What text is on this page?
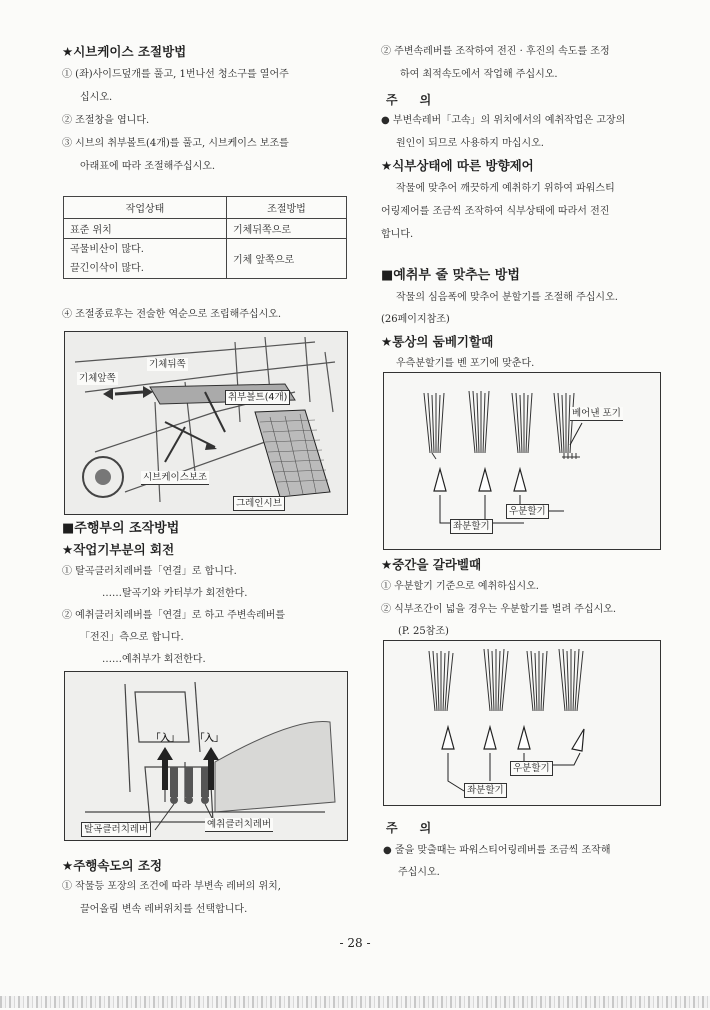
★시브케이스 조절방법
① (좌)사이드덮개를 풀고, 1번나선 청소구를 열어주
십시오.
② 조절창을 엽니다.
③ 시브의 취부볼트(4개)를 풀고, 시브케이스 보조를
아래표에 따라 조절해주십시오.
작업상태	조절방법
표준 위치	기체뒤쪽으로

곡물비산이 많다.
끌긴이삭이 많다.	기체 앞쪽으로
④ 조절종료후는 전술한 역순으로 조립해주십시오.
기체앞쪽
기체뒤쪽
취부볼트(4개)
시브케이스보조
그레인시브
■주행부의 조작방법
★작업기부분의 회전
① 탈곡클러치레버를「연결」로 합니다.
……탈곡기와 카터부가 회전한다.
② 예취클러치레버를「연결」로 하고 주변속레버를
「전진」측으로 합니다.
……예취부가 회전한다.
「入」 「入」
탈곡클러치레버	예취클러치레버
★주행속도의 조정
① 작물등 포장의 조건에 따라 부변속 레버의 위치,
끌어올림 변속 레버위치를 선택합니다.
② 주변속레버를 조작하여 전진 · 후진의 속도를 조정
하여 최적속도에서 작업해 주십시오.
주의
● 부변속레버「고속」의 위치에서의 예취작업은 고장의
원인이 되므로 사용하지 마십시오.
★식부상태에 따른 방향제어
작물에 맞추어 깨끗하게 예취하기 위하여 파워스티
어링제어를 조금씩 조작하여 식부상태에 따라서 전진
합니다.
■예취부 줄 맞추는 방법
작물의 심음폭에 맞추어 분할기를 조절해 주십시오.
(26페이지참조)
★통상의 둠베기할때
우측분할기를 벤 포기에 맞춘다.
베어낸 포기
우분할기
좌분할기
★중간을 갈라벨때
① 우분할기 기준으로 예취하십시오.
② 식부조간이 넓을 경우는 우분할기를 벌려 주십시오.
(P. 25참조)
우분할기
좌분할기
주의
● 줄을 맞출때는 파워스티어링레버를 조금씩 조작해
주십시오.
- 28 -
